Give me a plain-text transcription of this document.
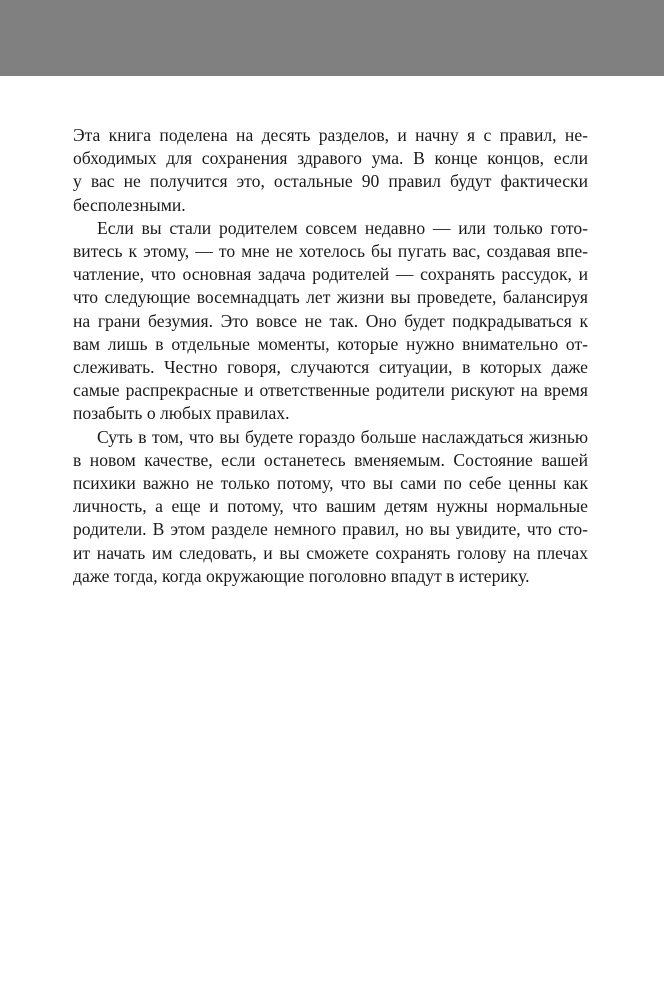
Эта книга поделена на десять разделов, и начну я с правил, не-
обходимых для сохранения здравого ума. В конце концов, если
у вас не получится это, остальные 90 правил будут фактически
бесполезными.
Если вы стали родителем совсем недавно — или только гото-
витесь к этому, — то мне не хотелось бы пугать вас, создавая впе-
чатление, что основная задача родителей — сохранять рассудок, и
что следующие восемнадцать лет жизни вы проведете, балансируя
на грани безумия. Это вовсе не так. Оно будет подкрадываться к
вам лишь в отдельные моменты, которые нужно внимательно от-
слеживать. Честно говоря, случаются ситуации, в которых даже
самые распрекрасные и ответственные родители рискуют на время
позабыть о любых правилах.
Суть в том, что вы будете гораздо больше наслаждаться жизнью
в новом качестве, если останетесь вменяемым. Состояние вашей
психики важно не только потому, что вы сами по себе ценны как
личность, а еще и потому, что вашим детям нужны нормальные
родители. В этом разделе немного правил, но вы увидите, что сто-
ит начать им следовать, и вы сможете сохранять голову на плечах
даже тогда, когда окружающие поголовно впадут в истерику.
